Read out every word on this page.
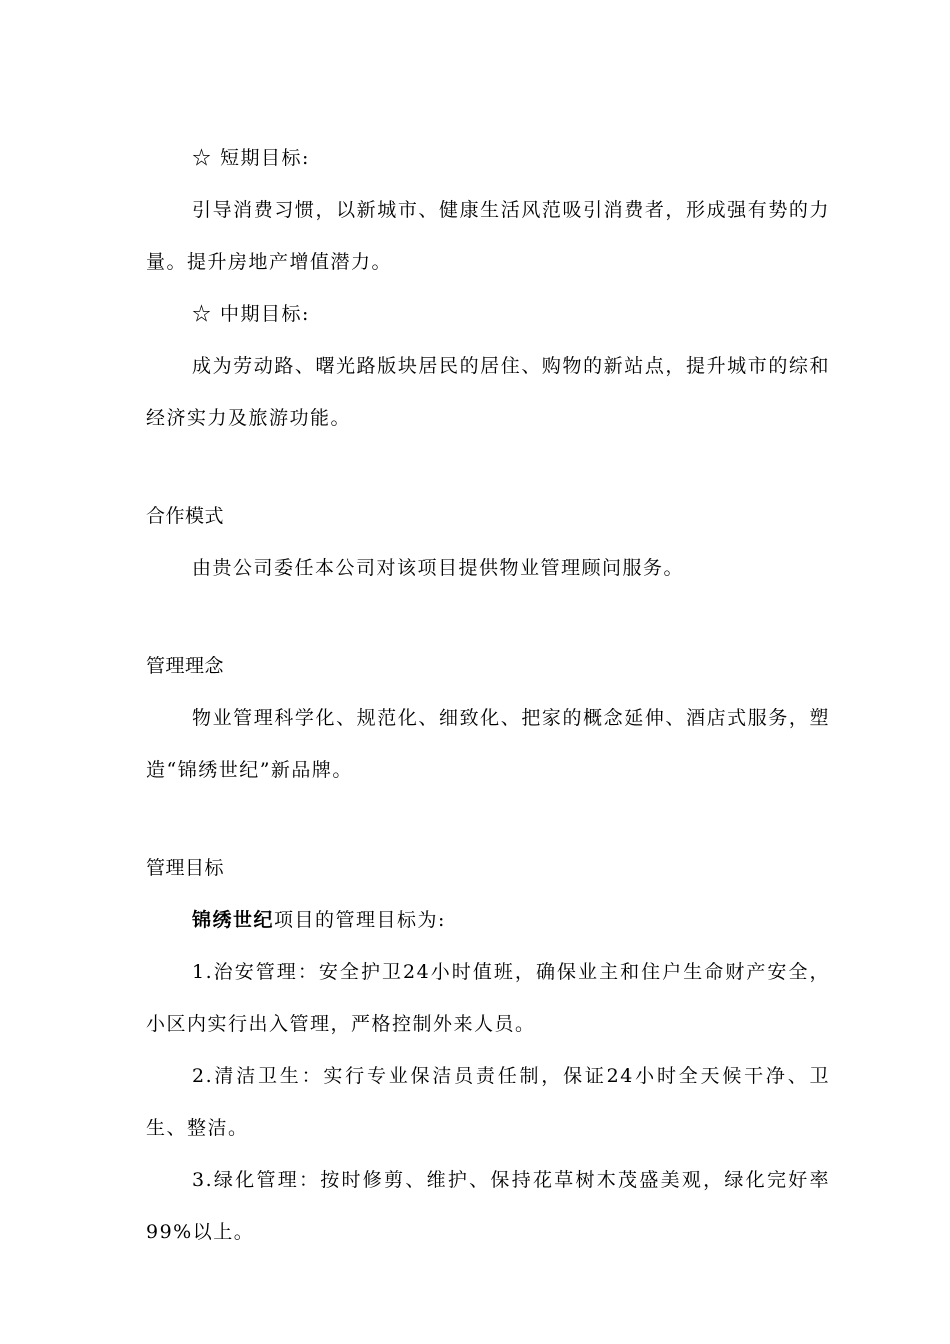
☆ 短期目标:

引导消费习惯，以新城市、健康生活风范吸引消费者，形成强有势的力量。提升房地产增值潜力。

☆ 中期目标:

成为劳动路、曙光路版块居民的居住、购物的新站点，提升城市的综和经济实力及旅游功能。

合作模式

由贵公司委任本公司对该项目提供物业管理顾问服务。

管理理念

物业管理科学化、规范化、细致化、把家的概念延伸、酒店式服务，塑造“锦绣世纪”新品牌。

管理目标

锦绣世纪项目的管理目标为:

1.治安管理：安全护卫24小时值班，确保业主和住户生命财产安全，小区内实行出入管理，严格控制外来人员。

2.清洁卫生：实行专业保洁员责任制，保证24小时全天候干净、卫生、整洁。

3.绿化管理：按时修剪、维护、保持花草树木茂盛美观，绿化完好率99%以上。
